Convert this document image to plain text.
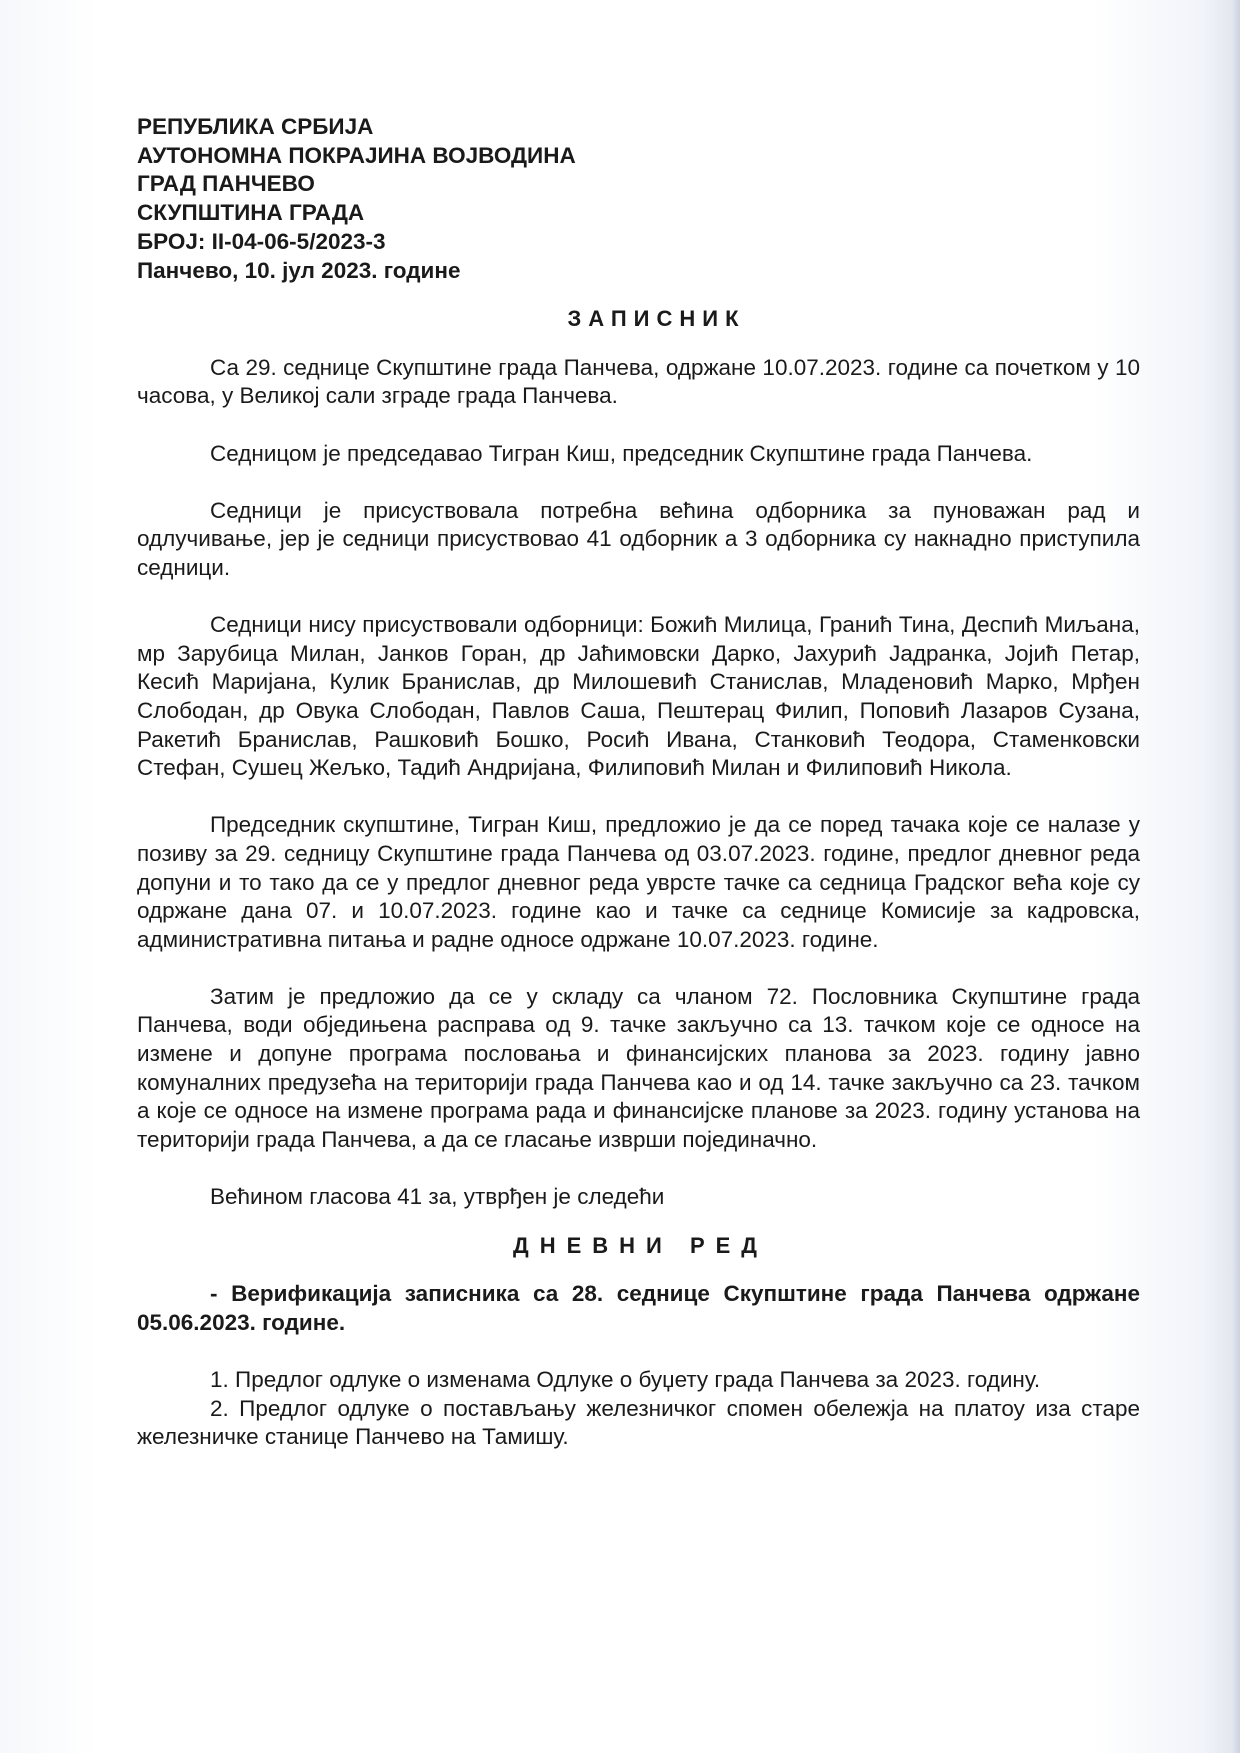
РЕПУБЛИКА СРБИЈА
АУТОНОМНА ПОКРАЈИНА ВОЈВОДИНА
ГРАД ПАНЧЕВО
СКУПШТИНА ГРАДА
БРОЈ: II-04-06-5/2023-3
Панчево, 10. јул 2023. године
ЗАПИСНИК

Са 29. седнице Скупштине града Панчева, одржане 10.07.2023. године са почетком у 10 часова, у Великој сали зграде града Панчева.

Седницом је председавао Тигран Киш, председник Скупштине града Панчева.

Седници је присуствовала потребна већина одборника за пуноважан рад и одлучивање, јер је седници присуствовао 41 одборник а 3 одборника су накнадно приступила седници.

Седници нису присуствовали одборници: Божић Милица, Гранић Тина, Деспић Миљана, мр Зарубица Милан, Јанков Горан, др Јаћимовски Дарко, Јахурић Јадранка, Јојић Петар, Кесић Маријана, Кулик Бранислав, др Милошевић Станислав, Младеновић Марко, Мрђен Слободан, др Овука Слободан, Павлов Саша, Пештерац Филип, Поповић Лазаров Сузана, Ракетић Бранислав, Рашковић Бошко, Росић Ивана, Станковић Теодора, Стаменковски Стефан, Сушец Жељко, Тадић Андријана, Филиповић Милан и Филиповић Никола.

Председник скупштине, Тигран Киш, предложио је да се поред тачака које се налазе у позиву за 29. седницу Скупштине града Панчева од 03.07.2023. године, предлог дневног реда допуни и то тако да се у предлог дневног реда уврсте тачке са седница Градског већа које су одржане дана 07. и 10.07.2023. године као и тачке са седнице Комисије за кадровска, административна питања и радне односе одржане 10.07.2023. године.

Затим је предложио да се у складу са чланом 72. Пословника Скупштине града Панчева, води обједињена расправа од 9. тачке закључно са 13. тачком које се односе на измене и допуне програма пословања и финансијских планова за 2023. годину јавно комуналних предузећа на територији града Панчева као и од 14. тачке закључно са 23. тачком а које се односе на измене програма рада и финансијске планове за 2023. годину установа на територији града Панчева, а да се гласање изврши појединачно.

Већином гласова 41 за, утврђен је следећи

ДНЕВНИ РЕД

- Верификација записника са 28. седнице Скупштине града Панчева одржане 05.06.2023. године.

1. Предлог одлуке о изменама Одлуке о буџету града Панчева за 2023. годину.

2. Предлог одлуке о постављању железничког спомен обележја на платоу иза старе железничке станице Панчево на Тамишу.
